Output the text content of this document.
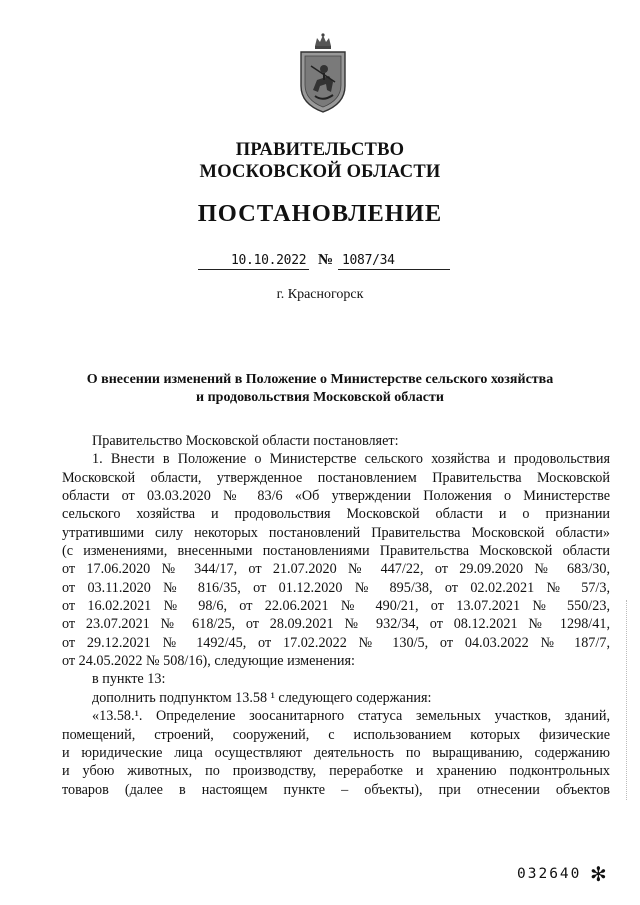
ПРАВИТЕЛЬСТВО
МОСКОВСКОЙ ОБЛАСТИ
ПОСТАНОВЛЕНИЕ
10.10.2022 № 1087/34
г. Красногорск
О внесении изменений в Положение о Министерстве сельского хозяйства
и продовольствия Московской области
Правительство Московской области постановляет:
1. Внести в Положение о Министерстве сельского хозяйства и продовольствия
Московской области, утвержденное постановлением Правительства Московской
области от 03.03.2020 № 83/6 «Об утверждении Положения о Министерстве
сельского хозяйства и продовольствия Московской области и о признании
утратившими силу некоторых постановлений Правительства Московской области»
(с изменениями, внесенными постановлениями Правительства Московской области
от 17.06.2020 № 344/17, от 21.07.2020 № 447/22, от 29.09.2020 № 683/30,
от 03.11.2020 № 816/35, от 01.12.2020 № 895/38, от 02.02.2021 № 57/3,
от 16.02.2021 № 98/6, от 22.06.2021 № 490/21, от 13.07.2021 № 550/23,
от 23.07.2021 № 618/25, от 28.09.2021 № 932/34, от 08.12.2021 № 1298/41,
от 29.12.2021 № 1492/45, от 17.02.2022 № 130/5, от 04.03.2022 № 187/7,
от 24.05.2022 № 508/16), следующие изменения:
в пункте 13:
дополнить подпунктом 13.58 ¹ следующего содержания:
«13.58.¹. Определение зоосанитарного статуса земельных участков, зданий,
помещений, строений, сооружений, с использованием которых физические
и юридические лица осуществляют деятельность по выращиванию, содержанию
и убою животных, по производству, переработке и хранению подконтрольных
товаров (далее в настоящем пункте – объекты), при отнесении объектов
032640 ✻
